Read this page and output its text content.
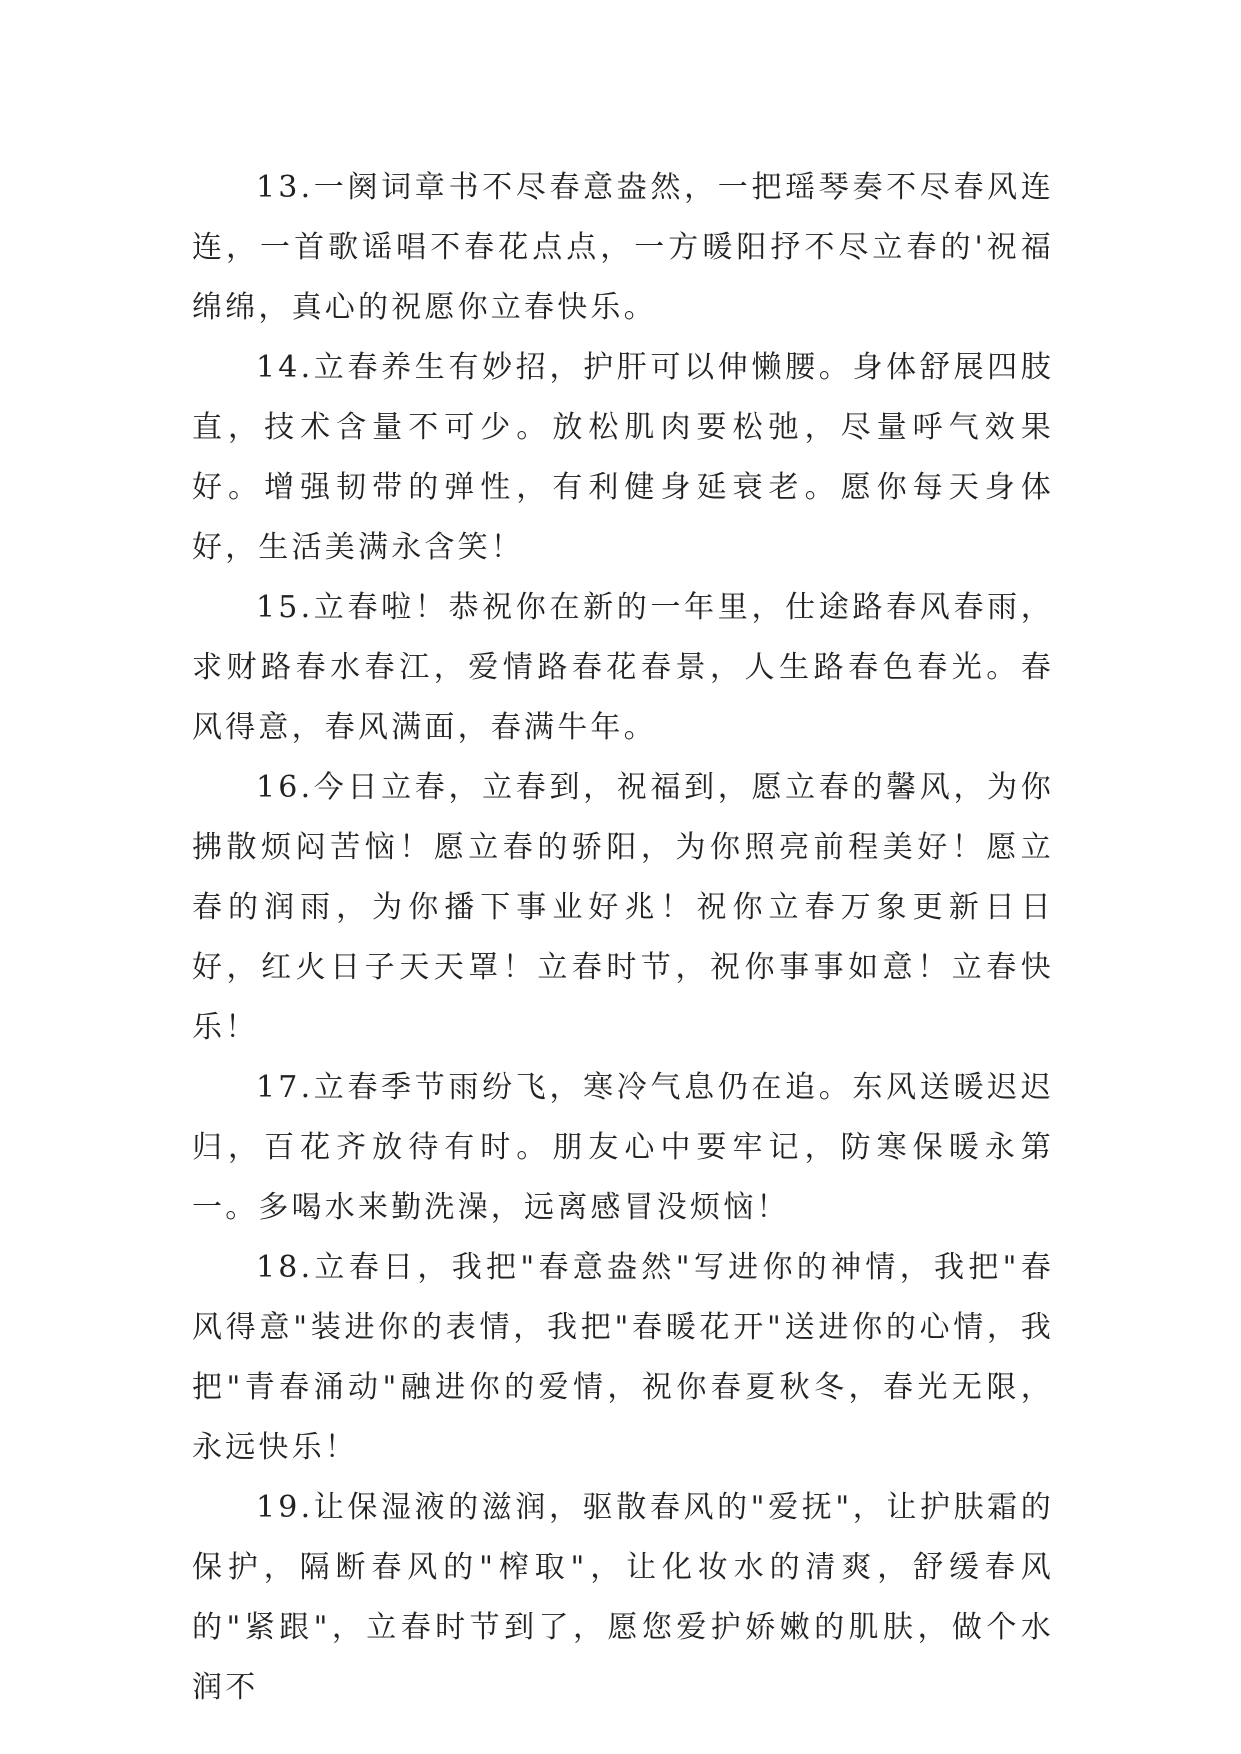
13.一阕词章书不尽春意盎然，一把瑶琴奏不尽春风连连，一首歌谣唱不春花点点，一方暖阳抒不尽立春的'祝福绵绵，真心的祝愿你立春快乐。

14.立春养生有妙招，护肝可以伸懒腰。身体舒展四肢直，技术含量不可少。放松肌肉要松弛，尽量呼气效果好。增强韧带的弹性，有利健身延衰老。愿你每天身体好，生活美满永含笑！

15.立春啦！恭祝你在新的一年里，仕途路春风春雨，求财路春水春江，爱情路春花春景，人生路春色春光。春风得意，春风满面，春满牛年。

16.今日立春，立春到，祝福到，愿立春的馨风，为你拂散烦闷苦恼！愿立春的骄阳，为你照亮前程美好！愿立春的润雨，为你播下事业好兆！祝你立春万象更新日日好，红火日子天天罩！立春时节，祝你事事如意！立春快乐！

17.立春季节雨纷飞，寒冷气息仍在追。东风送暖迟迟归，百花齐放待有时。朋友心中要牢记，防寒保暖永第一。多喝水来勤洗澡，远离感冒没烦恼！

18.立春日，我把"春意盎然"写进你的神情，我把"春风得意"装进你的表情，我把"春暖花开"送进你的心情，我把"青春涌动"融进你的爱情，祝你春夏秋冬，春光无限，永远快乐！

19.让保湿液的滋润，驱散春风的"爱抚"，让护肤霜的保护，隔断春风的"榨取"，让化妆水的清爽，舒缓春风的"紧跟"，立春时节到了，愿您爱护娇嫩的肌肤，做个水润不
